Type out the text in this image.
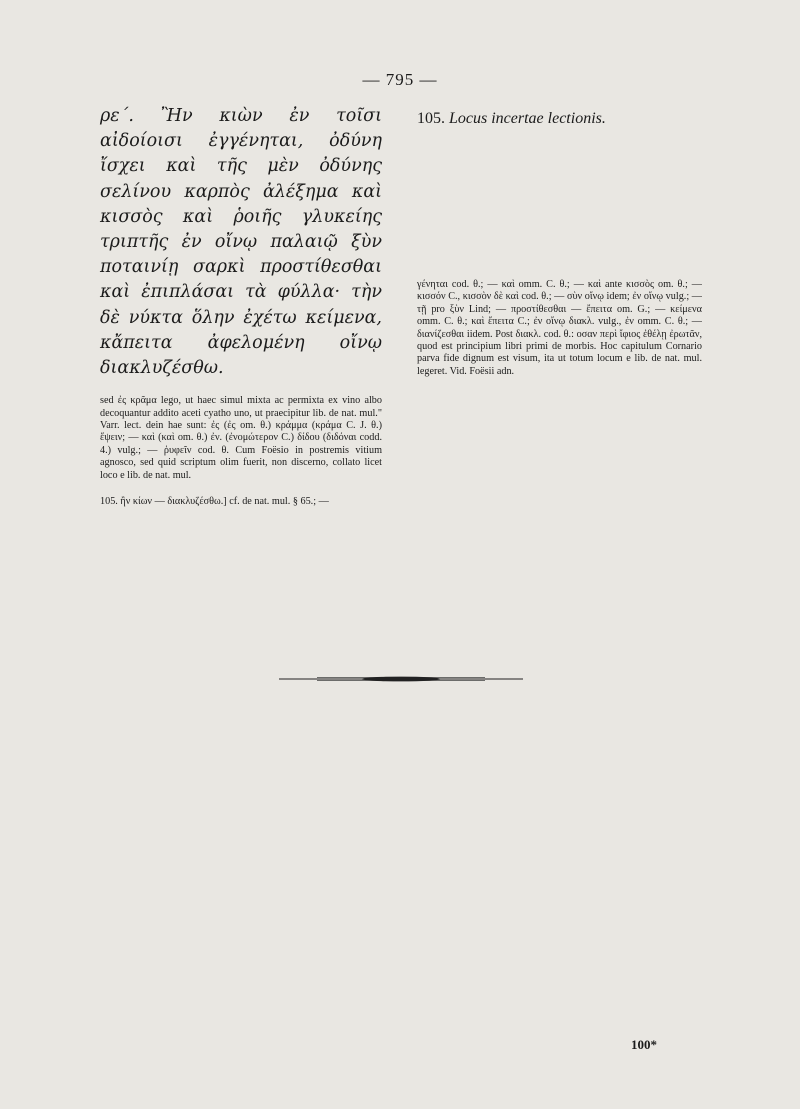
— 795 —

ρε΄. Ἢν κιὼν ἐν τοῖσι αἰδοίοισι ἐγγένηται, ὀδύνη ἴσχει καὶ τῆς μὲν ὀδύνης σελίνου καρπὸς ἀλέξημα καὶ κισσὸς καὶ ῥοιῆς γλυκείης τριπτῆς ἐν οἴνῳ παλαιῷ ξὺν ποταινίῃ σαρκὶ προστίθεσθαι καὶ ἐπιπλάσαι τὰ φύλλα· τὴν δὲ νύκτα ὅλην ἐχέτω κείμενα, κἄπειτα ἀφελομένη οἴνῳ διακλυζέσθω.

sed ἐς κρᾶμα lego, ut haec simul mixta ac permixta ex vino albo decoquantur addito aceti cyatho uno, ut praecipitur lib. de nat. mul." Varr. lect. dein hae sunt: ἐς (ἐς om. θ.) κράμμα (κράμα C. J. θ.) ἕψειν; — καὶ (καὶ om. θ.) ἐν. (ἐνομώτερον C.) δίδου (διδόναι codd. 4.) vulg.; — ῥυφεῖν cod. θ. Cum Foësio in postremis vitium agnosco, sed quid scriptum olim fuerit, non discerno, collato licet loco e lib. de nat. mul.

105. ἢν κίων — διακλυζέσθω.] cf. de nat. mul. § 65.; —

105. Locus incertae lectionis.

γένηται cod. θ.; — καὶ omm. C. θ.; — καὶ ante κισσὸς om. θ.; — κισσόν C., κισσὸν δὲ καὶ cod. θ.; — σὺν οἴνῳ idem; ἐν οἴνῳ vulg.; — τῇ pro ξὺν Lind; — προστίθεσθαι — ἔπειτα om. G.; — κείμενα omm. C. θ.; καὶ ἔπειτα C.; ἐν οἴνῳ διακλ. vulg., ἐν omm. C. θ.; — διανίζεσθαι iidem. Post διακλ. cod. θ.: οσαν περὶ ἴφιος ἐθέλῃ ἐρωτᾶν, quod est principium libri primi de morbis. Hoc capitulum Cornario parva fide dignum est visum, ita ut totum locum e lib. de nat. mul. legeret. Vid. Foësii adn.

100*
